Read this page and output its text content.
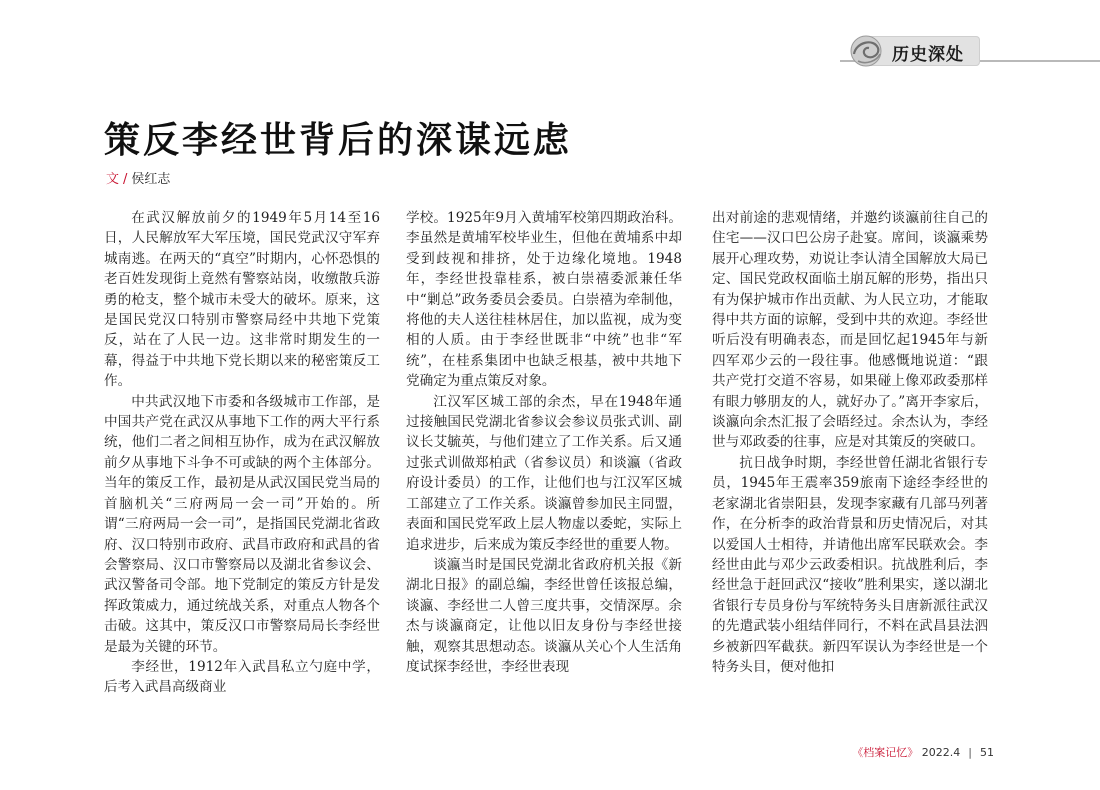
历史深处
策反李经世背后的深谋远虑
文 / 侯红志

在武汉解放前夕的1949年5月14至16日，人民解放军大军压境，国民党武汉守军弃城南逃。在两天的“真空”时期内，心怀恐惧的老百姓发现街上竟然有警察站岗，收缴散兵游勇的枪支，整个城市未受大的破坏。原来，这是国民党汉口特别市警察局经中共地下党策反，站在了人民一边。这非常时期发生的一幕，得益于中共地下党长期以来的秘密策反工作。

中共武汉地下市委和各级城市工作部，是中国共产党在武汉从事地下工作的两大平行系统，他们二者之间相互协作，成为在武汉解放前夕从事地下斗争不可或缺的两个主体部分。当年的策反工作，最初是从武汉国民党当局的首脑机关“三府两局一会一司”开始的。所谓“三府两局一会一司”，是指国民党湖北省政府、汉口特别市政府、武昌市政府和武昌的省会警察局、汉口市警察局以及湖北省参议会、武汉警备司令部。地下党制定的策反方针是发挥政策威力，通过统战关系，对重点人物各个击破。这其中，策反汉口市警察局局长李经世是最为关键的环节。

李经世，1912年入武昌私立勺庭中学，后考入武昌高级商业

学校。1925年9月入黄埔军校第四期政治科。李虽然是黄埔军校毕业生，但他在黄埔系中却受到歧视和排挤，处于边缘化境地。1948年，李经世投靠桂系，被白崇禧委派兼任华中“剿总”政务委员会委员。白崇禧为牵制他，将他的夫人送往桂林居住，加以监视，成为变相的人质。由于李经世既非“中统”也非“军统”，在桂系集团中也缺乏根基，被中共地下党确定为重点策反对象。

江汉军区城工部的余杰，早在1948年通过接触国民党湖北省参议会参议员张式训、副议长艾毓英，与他们建立了工作关系。后又通过张式训做郑柏武（省参议员）和谈瀛（省政府设计委员）的工作，让他们也与江汉军区城工部建立了工作关系。谈瀛曾参加民主同盟，表面和国民党军政上层人物虚以委蛇，实际上追求进步，后来成为策反李经世的重要人物。

谈瀛当时是国民党湖北省政府机关报《新湖北日报》的副总编，李经世曾任该报总编，谈瀛、李经世二人曾三度共事，交情深厚。余杰与谈瀛商定，让他以旧友身份与李经世接触，观察其思想动态。谈瀛从关心个人生活角度试探李经世，李经世表现

出对前途的悲观情绪，并邀约谈瀛前往自己的住宅——汉口巴公房子赴宴。席间，谈瀛乘势展开心理攻势，劝说让李认清全国解放大局已定、国民党政权面临土崩瓦解的形势，指出只有为保护城市作出贡献、为人民立功，才能取得中共方面的谅解，受到中共的欢迎。李经世听后没有明确表态，而是回忆起1945年与新四军邓少云的一段往事。他感慨地说道：“跟共产党打交道不容易，如果碰上像邓政委那样有眼力够朋友的人，就好办了。”离开李家后，谈瀛向余杰汇报了会晤经过。余杰认为，李经世与邓政委的往事，应是对其策反的突破口。

抗日战争时期，李经世曾任湖北省银行专员，1945年王震率359旅南下途经李经世的老家湖北省崇阳县，发现李家藏有几部马列著作，在分析李的政治背景和历史情况后，对其以爱国人士相待，并请他出席军民联欢会。李经世由此与邓少云政委相识。抗战胜利后，李经世急于赶回武汉“接收”胜利果实，遂以湖北省银行专员身份与军统特务头目唐新派往武汉的先遣武装小组结伴同行，不料在武昌县法泗乡被新四军截获。新四军误认为李经世是一个特务头目，便对他扣

《档案记忆》 2022.4 | 51
